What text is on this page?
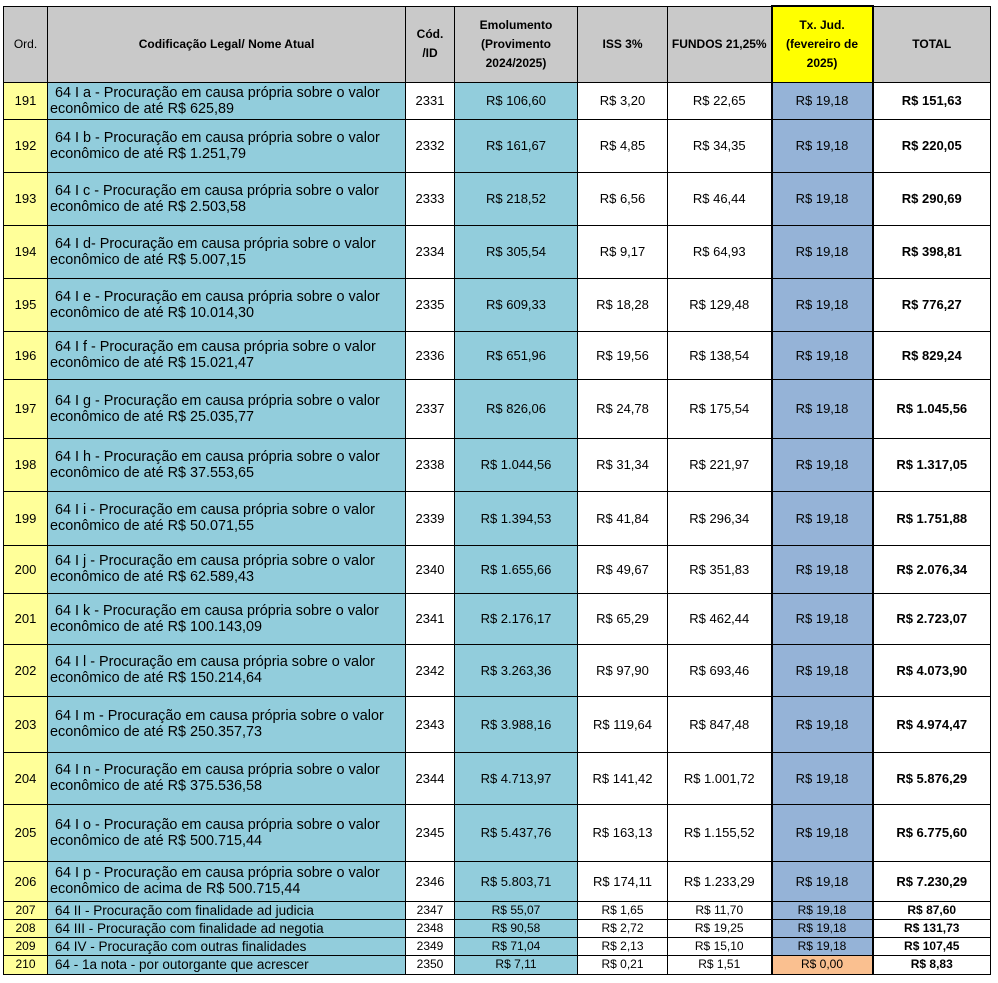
Ord.	Codificação Legal/ Nome Atual	Cód.
/ID	Emolumento
(Provimento
2024/2025)	ISS 3%	FUNDOS 21,25%	Tx. Jud.
(fevereiro de
2025)	TOTAL
191	64 I a - Procuração em causa própria sobre o valor
econômico de até R$ 625,89	2331	R$ 106,60	R$ 3,20	R$ 22,65	R$ 19,18	R$ 151,63
192	64 I b - Procuração em causa própria sobre o valor
econômico de até R$ 1.251,79	2332	R$ 161,67	R$ 4,85	R$ 34,35	R$ 19,18	R$ 220,05
193	64 I c - Procuração em causa própria sobre o valor
econômico de até R$ 2.503,58	2333	R$ 218,52	R$ 6,56	R$ 46,44	R$ 19,18	R$ 290,69
194	64 I d- Procuração em causa própria sobre o valor
econômico de até R$ 5.007,15	2334	R$ 305,54	R$ 9,17	R$ 64,93	R$ 19,18	R$ 398,81
195	64 I e - Procuração em causa própria sobre o valor
econômico de até R$ 10.014,30	2335	R$ 609,33	R$ 18,28	R$ 129,48	R$ 19,18	R$ 776,27
196	64 I f - Procuração em causa própria sobre o valor
econômico de até R$ 15.021,47	2336	R$ 651,96	R$ 19,56	R$ 138,54	R$ 19,18	R$ 829,24
197	64 I g - Procuração em causa própria sobre o valor
econômico de até R$ 25.035,77	2337	R$ 826,06	R$ 24,78	R$ 175,54	R$ 19,18	R$ 1.045,56
198	64 I h - Procuração em causa própria sobre o valor
econômico de até R$ 37.553,65	2338	R$ 1.044,56	R$ 31,34	R$ 221,97	R$ 19,18	R$ 1.317,05
199	64 I i - Procuração em causa própria sobre o valor
econômico de até R$ 50.071,55	2339	R$ 1.394,53	R$ 41,84	R$ 296,34	R$ 19,18	R$ 1.751,88
200	64 I j - Procuração em causa própria sobre o valor
econômico de até R$ 62.589,43	2340	R$ 1.655,66	R$ 49,67	R$ 351,83	R$ 19,18	R$ 2.076,34
201	64 I k - Procuração em causa própria sobre o valor
econômico de até R$ 100.143,09	2341	R$ 2.176,17	R$ 65,29	R$ 462,44	R$ 19,18	R$ 2.723,07
202	64 I l - Procuração em causa própria sobre o valor
econômico de até R$ 150.214,64	2342	R$ 3.263,36	R$ 97,90	R$ 693,46	R$ 19,18	R$ 4.073,90
203	64 I m - Procuração em causa própria sobre o valor
econômico de até R$ 250.357,73	2343	R$ 3.988,16	R$ 119,64	R$ 847,48	R$ 19,18	R$ 4.974,47
204	64 I n - Procuração em causa própria sobre o valor
econômico de até R$ 375.536,58	2344	R$ 4.713,97	R$ 141,42	R$ 1.001,72	R$ 19,18	R$ 5.876,29
205	64 I o - Procuração em causa própria sobre o valor
econômico de até R$ 500.715,44	2345	R$ 5.437,76	R$ 163,13	R$ 1.155,52	R$ 19,18	R$ 6.775,60
206	64 I p - Procuração em causa própria sobre o valor
econômico de acima de R$ 500.715,44	2346	R$ 5.803,71	R$ 174,11	R$ 1.233,29	R$ 19,18	R$ 7.230,29
207	64 II - Procuração com finalidade ad judicia	2347	R$ 55,07	R$ 1,65	R$ 11,70	R$ 19,18	R$ 87,60
208	64 III - Procuração com finalidade ad negotia	2348	R$ 90,58	R$ 2,72	R$ 19,25	R$ 19,18	R$ 131,73
209	64 IV - Procuração com outras finalidades	2349	R$ 71,04	R$ 2,13	R$ 15,10	R$ 19,18	R$ 107,45
210	64 - 1a nota - por outorgante que acrescer	2350	R$ 7,11	R$ 0,21	R$ 1,51	R$ 0,00	R$ 8,83
